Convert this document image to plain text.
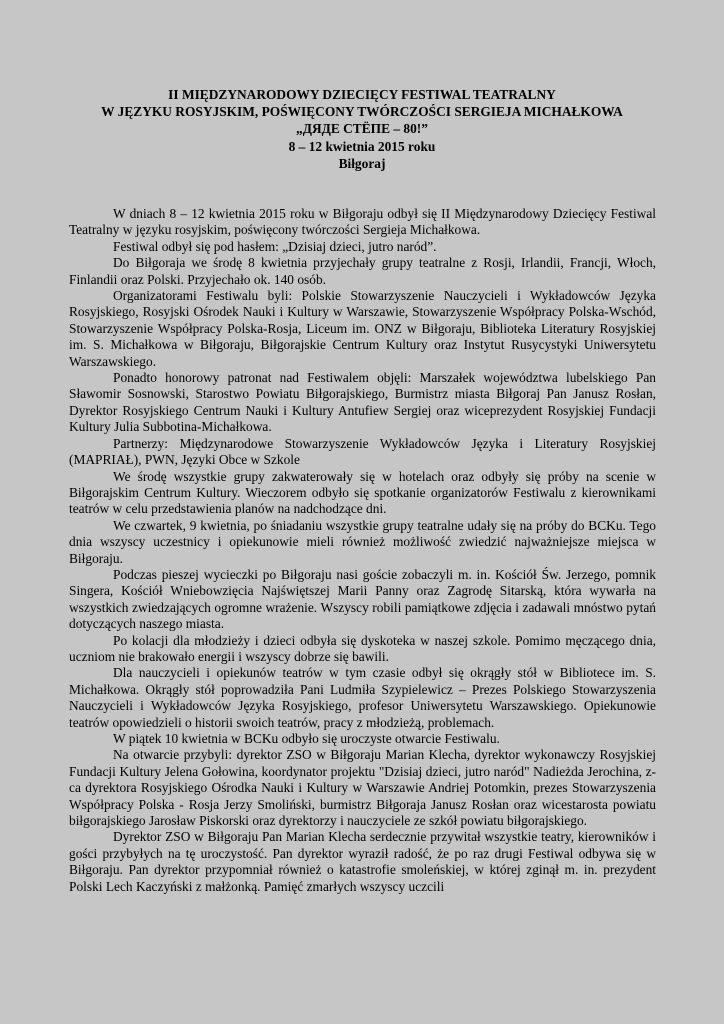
II MIĘDZYNARODOWY DZIECIĘCY FESTIWAL TEATRALNY
W JĘZYKU ROSYJSKIM, POŚWIĘCONY TWÓRCZOŚCI SERGIEJA MICHAŁKOWA
„ДЯДЕ СТЁПЕ – 80!”
8 – 12 kwietnia 2015 roku
Biłgoraj

W dniach 8 – 12 kwietnia 2015 roku w Biłgoraju odbył się II Międzynarodowy Dziecięcy Festiwal Teatralny w języku rosyjskim, poświęcony twórczości Sergieja Michałkowa.

Festiwal odbył się pod hasłem: „Dzisiaj dzieci, jutro naród”.

Do Biłgoraja we środę 8 kwietnia przyjechały grupy teatralne z Rosji, Irlandii, Francji, Włoch, Finlandii oraz Polski. Przyjechało ok. 140 osób.

Organizatorami Festiwalu byli: Polskie Stowarzyszenie Nauczycieli i Wykładowców Języka Rosyjskiego, Rosyjski Ośrodek Nauki i Kultury w Warszawie, Stowarzyszenie Współpracy Polska-Wschód, Stowarzyszenie Współpracy Polska-Rosja, Liceum im. ONZ w Biłgoraju, Biblioteka Literatury Rosyjskiej im. S. Michałkowa w Biłgoraju, Biłgorajskie Centrum Kultury oraz Instytut Rusycystyki Uniwersytetu Warszawskiego.

Ponadto honorowy patronat nad Festiwalem objęli: Marszałek województwa lubelskiego Pan Sławomir Sosnowski, Starostwo Powiatu Biłgorajskiego, Burmistrz miasta Biłgoraj Pan Janusz Rosłan, Dyrektor Rosyjskiego Centrum Nauki i Kultury Antufiew Sergiej oraz wiceprezydent Rosyjskiej Fundacji Kultury Julia Subbotina-Michałkowa.

Partnerzy: Międzynarodowe Stowarzyszenie Wykładowców Języka i Literatury Rosyjskiej (MAPRIAŁ), PWN, Języki Obce w Szkole

We środę wszystkie grupy zakwaterowały się w hotelach oraz odbyły się próby na scenie w Biłgorajskim Centrum Kultury. Wieczorem odbyło się spotkanie organizatorów Festiwalu z kierownikami teatrów w celu przedstawienia planów na nadchodzące dni.

We czwartek, 9 kwietnia, po śniadaniu wszystkie grupy teatralne udały się na próby do BCKu. Tego dnia wszyscy uczestnicy i opiekunowie mieli również możliwość zwiedzić najważniejsze miejsca w Biłgoraju.

Podczas pieszej wycieczki po Biłgoraju nasi goście zobaczyli m. in. Kościół Św. Jerzego, pomnik Singera, Kościół Wniebowzięcia Najświętszej Marii Panny oraz Zagrodę Sitarską, która wywarła na wszystkich zwiedzających ogromne wrażenie. Wszyscy robili pamiątkowe zdjęcia i zadawali mnóstwo pytań dotyczących naszego miasta.

Po kolacji dla młodzieży i dzieci odbyła się dyskoteka w naszej szkole. Pomimo męczącego dnia, uczniom nie brakowało energii i wszyscy dobrze się bawili.

Dla nauczycieli i opiekunów teatrów w tym czasie odbył się okrągły stół w Bibliotece im. S. Michałkowa. Okrągły stół poprowadziła Pani Ludmiła Szypielewicz – Prezes Polskiego Stowarzyszenia Nauczycieli i Wykładowców Języka Rosyjskiego, profesor Uniwersytetu Warszawskiego. Opiekunowie teatrów opowiedzieli o historii swoich teatrów, pracy z młodzieżą, problemach.

W piątek 10 kwietnia w BCKu odbyło się uroczyste otwarcie Festiwalu.

Na otwarcie przybyli: dyrektor ZSO w Biłgoraju Marian Klecha, dyrektor wykonawczy Rosyjskiej Fundacji Kultury Jelena Gołowina, koordynator projektu "Dzisiaj dzieci, jutro naród" Nadieżda Jerochina, z-ca dyrektora Rosyjskiego Ośrodka Nauki i Kultury w Warszawie Andriej Potomkin, prezes Stowarzyszenia Współpracy Polska - Rosja Jerzy Smoliński, burmistrz Biłgoraja Janusz Rosłan oraz wicestarosta powiatu biłgorajskiego Jarosław Piskorski oraz dyrektorzy i nauczyciele ze szkół powiatu biłgorajskiego.

Dyrektor ZSO w Biłgoraju Pan Marian Klecha serdecznie przywitał wszystkie teatry, kierowników i gości przybyłych na tę uroczystość. Pan dyrektor wyraził radość, że po raz drugi Festiwal odbywa się w Biłgoraju. Pan dyrektor przypomniał również o katastrofie smoleńskiej, w której zginął m. in. prezydent Polski Lech Kaczyński z małżonką. Pamięć zmarłych wszyscy uczcili
